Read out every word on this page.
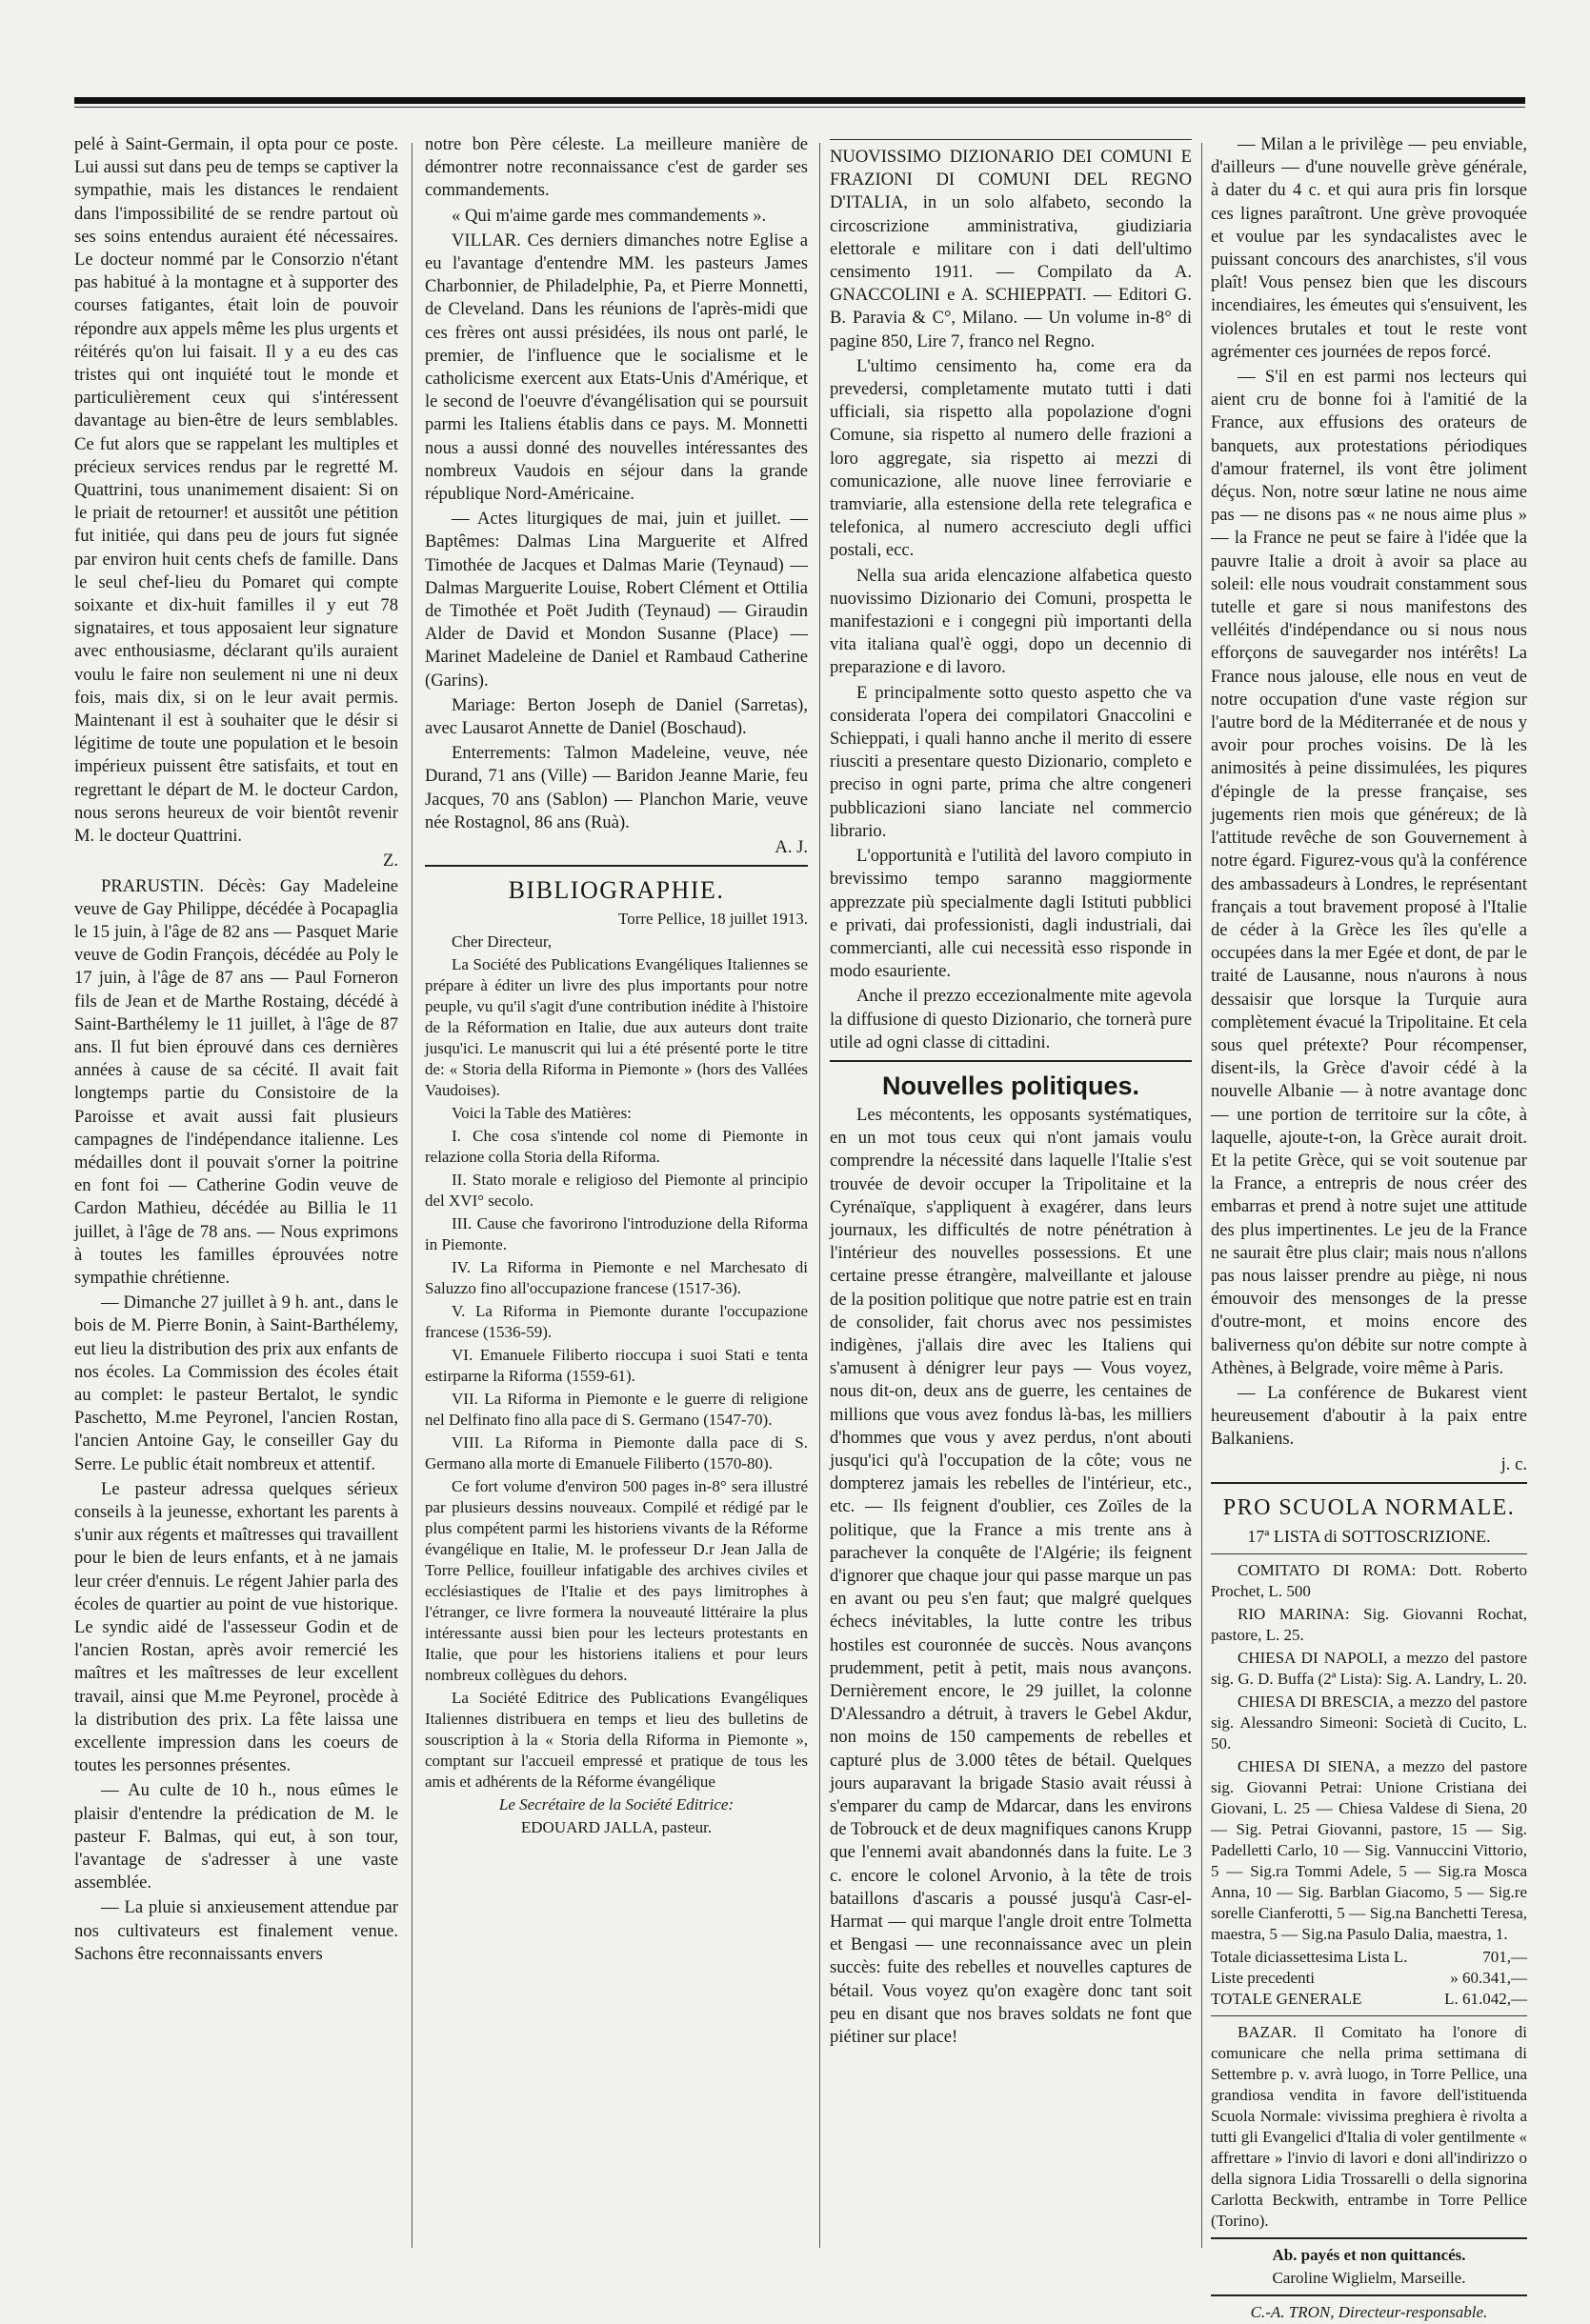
pelé à Saint-Germain, il opta pour ce poste. Lui aussi sut dans peu de temps se captiver la sympathie, mais les distances le rendaient dans l'impossibilité de se rendre partout où ses soins entendus auraient été nécessaires. Le docteur nommé par le Consorzio n'étant pas habitué à la montagne et à supporter des courses fatigantes, était loin de pouvoir répondre aux appels même les plus urgents et réitérés qu'on lui faisait. Il y a eu des cas tristes qui ont inquiété tout le monde et particulièrement ceux qui s'intéressent davantage au bien-être de leurs semblables. Ce fut alors que se rappelant les multiples et précieux services rendus par le regretté M. Quattrini, tous unanimement disaient: Si on le priait de retourner! et aussitôt une pétition fut initiée, qui dans peu de jours fut signée par environ huit cents chefs de famille. Dans le seul chef-lieu du Pomaret qui compte soixante et dix-huit familles il y eut 78 signataires, et tous apposaient leur signature avec enthousiasme, déclarant qu'ils auraient voulu le faire non seulement ni une ni deux fois, mais dix, si on le leur avait permis. Maintenant il est à souhaiter que le désir si légitime de toute une population et le besoin impérieux puissent être satisfaits, et tout en regrettant le départ de M. le docteur Cardon, nous serons heureux de voir bientôt revenir M. le docteur Quattrini.

Z.

PRARUSTIN. Décès: Gay Madeleine veuve de Gay Philippe, décédée à Pocapaglia le 15 juin, à l'âge de 82 ans — Pasquet Marie veuve de Godin François, décédée au Poly le 17 juin, à l'âge de 87 ans — Paul Forneron fils de Jean et de Marthe Rostaing, décédé à Saint-Barthélemy le 11 juillet, à l'âge de 87 ans. Il fut bien éprouvé dans ces dernières années à cause de sa cécité. Il avait fait longtemps partie du Consistoire de la Paroisse et avait aussi fait plusieurs campagnes de l'indépendance italienne. Les médailles dont il pouvait s'orner la poitrine en font foi — Catherine Godin veuve de Cardon Mathieu, décédée au Billia le 11 juillet, à l'âge de 78 ans. — Nous exprimons à toutes les familles éprouvées notre sympathie chrétienne.

— Dimanche 27 juillet à 9 h. ant., dans le bois de M. Pierre Bonin, à Saint-Barthélemy, eut lieu la distribution des prix aux enfants de nos écoles. La Commission des écoles était au complet: le pasteur Bertalot, le syndic Paschetto, M.me Peyronel, l'ancien Rostan, l'ancien Antoine Gay, le conseiller Gay du Serre. Le public était nombreux et attentif.

Le pasteur adressa quelques sérieux conseils à la jeunesse, exhortant les parents à s'unir aux régents et maîtresses qui travaillent pour le bien de leurs enfants, et à ne jamais leur créer d'ennuis. Le régent Jahier parla des écoles de quartier au point de vue historique. Le syndic aidé de l'assesseur Godin et de l'ancien Rostan, après avoir remercié les maîtres et les maîtresses de leur excellent travail, ainsi que M.me Peyronel, procède à la distribution des prix. La fête laissa une excellente impression dans les coeurs de toutes les personnes présentes.

— Au culte de 10 h., nous eûmes le plaisir d'entendre la prédication de M. le pasteur F. Balmas, qui eut, à son tour, l'avantage de s'adresser à une vaste assemblée.

— La pluie si anxieusement attendue par nos cultivateurs est finalement venue. Sachons être reconnaissants envers

notre bon Père céleste. La meilleure manière de démontrer notre reconnaissance c'est de garder ses commandements.

« Qui m'aime garde mes commandements ».

VILLAR. Ces derniers dimanches notre Eglise a eu l'avantage d'entendre MM. les pasteurs James Charbonnier, de Philadelphie, Pa, et Pierre Monnetti, de Cleveland. Dans les réunions de l'après-midi que ces frères ont aussi présidées, ils nous ont parlé, le premier, de l'influence que le socialisme et le catholicisme exercent aux Etats-Unis d'Amérique, et le second de l'oeuvre d'évangélisation qui se poursuit parmi les Italiens établis dans ce pays. M. Monnetti nous a aussi donné des nouvelles intéressantes des nombreux Vaudois en séjour dans la grande république Nord-Américaine.

— Actes liturgiques de mai, juin et juillet. — Baptêmes: Dalmas Lina Marguerite et Alfred Timothée de Jacques et Dalmas Marie (Teynaud) — Dalmas Marguerite Louise, Robert Clément et Ottilia de Timothée et Poët Judith (Teynaud) — Giraudin Alder de David et Mondon Susanne (Place) — Marinet Madeleine de Daniel et Rambaud Catherine (Garins).

Mariage: Berton Joseph de Daniel (Sarretas), avec Lausarot Annette de Daniel (Boschaud).

Enterrements: Talmon Madeleine, veuve, née Durand, 71 ans (Ville) — Baridon Jeanne Marie, feu Jacques, 70 ans (Sablon) — Planchon Marie, veuve née Rostagnol, 86 ans (Ruà).

A. J.

BIBLIOGRAPHIE.

Torre Pellice, 18 juillet 1913.

Cher Directeur,

La Société des Publications Evangéliques Italiennes se prépare à éditer un livre des plus importants pour notre peuple, vu qu'il s'agit d'une contribution inédite à l'histoire de la Réformation en Italie, due aux auteurs dont traite jusqu'ici. Le manuscrit qui lui a été présenté porte le titre de: « Storia della Riforma in Piemonte » (hors des Vallées Vaudoises).

Voici la Table des Matières:

I. Che cosa s'intende col nome di Piemonte in relazione colla Storia della Riforma.

II. Stato morale e religioso del Piemonte al principio del XVI° secolo.

III. Cause che favorirono l'introduzione della Riforma in Piemonte.

IV. La Riforma in Piemonte e nel Marchesato di Saluzzo fino all'occupazione francese (1517-36).

V. La Riforma in Piemonte durante l'occupazione francese (1536-59).

VI. Emanuele Filiberto rioccupa i suoi Stati e tenta estirparne la Riforma (1559-61).

VII. La Riforma in Piemonte e le guerre di religione nel Delfinato fino alla pace di S. Germano (1547-70).

VIII. La Riforma in Piemonte dalla pace di S. Germano alla morte di Emanuele Filiberto (1570-80).

Ce fort volume d'environ 500 pages in-8° sera illustré par plusieurs dessins nouveaux. Compilé et rédigé par le plus compétent parmi les historiens vivants de la Réforme évangélique en Italie, M. le professeur D.r Jean Jalla de Torre Pellice, fouilleur infatigable des archives civiles et ecclésiastiques de l'Italie et des pays limitrophes à l'étranger, ce livre formera la nouveauté littéraire la plus intéressante aussi bien pour les lecteurs protestants en Italie, que pour les historiens italiens et pour leurs nombreux collègues du dehors.

La Société Editrice des Publications Evangéliques Italiennes distribuera en temps et lieu des bulletins de souscription à la « Storia della Riforma in Piemonte », comptant sur l'accueil empressé et pratique de tous les amis et adhérents de la Réforme évangélique

Le Secrétaire de la Société Editrice:

EDOUARD JALLA, pasteur.

NUOVISSIMO DIZIONARIO DEI COMUNI E FRAZIONI DI COMUNI DEL REGNO D'ITALIA, in un solo alfabeto, secondo la circoscrizione amministrativa, giudiziaria elettorale e militare con i dati dell'ultimo censimento 1911. — Compilato da A. GNACCOLINI e A. SCHIEPPATI. — Editori G. B. Paravia & C°, Milano. — Un volume in-8° di pagine 850, Lire 7, franco nel Regno.

L'ultimo censimento ha, come era da prevedersi, completamente mutato tutti i dati ufficiali, sia rispetto alla popolazione d'ogni Comune, sia rispetto al numero delle frazioni a loro aggregate, sia rispetto ai mezzi di comunicazione, alle nuove linee ferroviarie e tramviarie, alla estensione della rete telegrafica e telefonica, al numero accresciuto degli uffici postali, ecc.

Nella sua arida elencazione alfabetica questo nuovissimo Dizionario dei Comuni, prospetta le manifestazioni e i congegni più importanti della vita italiana qual'è oggi, dopo un decennio di preparazione e di lavoro.

E principalmente sotto questo aspetto che va considerata l'opera dei compilatori Gnaccolini e Schieppati, i quali hanno anche il merito di essere riusciti a presentare questo Dizionario, completo e preciso in ogni parte, prima che altre congeneri pubblicazioni siano lanciate nel commercio librario.

L'opportunità e l'utilità del lavoro compiuto in brevissimo tempo saranno maggiormente apprezzate più specialmente dagli Istituti pubblici e privati, dai professionisti, dagli industriali, dai commercianti, alle cui necessità esso risponde in modo esauriente.

Anche il prezzo eccezionalmente mite agevola la diffusione di questo Dizionario, che tornerà pure utile ad ogni classe di cittadini.

Nouvelles politiques.

Les mécontents, les opposants systématiques, en un mot tous ceux qui n'ont jamais voulu comprendre la nécessité dans laquelle l'Italie s'est trouvée de devoir occuper la Tripolitaine et la Cyrénaïque, s'appliquent à exagérer, dans leurs journaux, les difficultés de notre pénétration à l'intérieur des nouvelles possessions. Et une certaine presse étrangère, malveillante et jalouse de la position politique que notre patrie est en train de consolider, fait chorus avec nos pessimistes indigènes, j'allais dire avec les Italiens qui s'amusent à dénigrer leur pays — Vous voyez, nous dit-on, deux ans de guerre, les centaines de millions que vous avez fondus là-bas, les milliers d'hommes que vous y avez perdus, n'ont abouti jusqu'ici qu'à l'occupation de la côte; vous ne dompterez jamais les rebelles de l'intérieur, etc., etc. — Ils feignent d'oublier, ces Zoïles de la politique, que la France a mis trente ans à parachever la conquête de l'Algérie; ils feignent d'ignorer que chaque jour qui passe marque un pas en avant ou peu s'en faut; que malgré quelques échecs inévitables, la lutte contre les tribus hostiles est couronnée de succès. Nous avançons prudemment, petit à petit, mais nous avançons. Dernièrement encore, le 29 juillet, la colonne D'Alessandro a détruit, à travers le Gebel Akdur, non moins de 150 campements de rebelles et capturé plus de 3.000 têtes de bétail. Quelques jours auparavant la brigade Stasio avait réussi à s'emparer du camp de Mdarcar, dans les environs de Tobrouck et de deux magnifiques canons Krupp que l'ennemi avait abandonnés dans la fuite. Le 3 c. encore le colonel Arvonio, à la tête de trois bataillons d'ascaris a poussé jusqu'à Casr-el-Harmat — qui marque l'angle droit entre Tolmetta et Bengasi — une reconnaissance avec un plein succès: fuite des rebelles et nouvelles captures de bétail. Vous voyez qu'on exagère donc tant soit peu en disant que nos braves soldats ne font que piétiner sur place!

— Milan a le privilège — peu enviable, d'ailleurs — d'une nouvelle grève générale, à dater du 4 c. et qui aura pris fin lorsque ces lignes paraîtront. Une grève provoquée et voulue par les syndacalistes avec le puissant concours des anarchistes, s'il vous plaît! Vous pensez bien que les discours incendiaires, les émeutes qui s'ensuivent, les violences brutales et tout le reste vont agrémenter ces journées de repos forcé.

— S'il en est parmi nos lecteurs qui aient cru de bonne foi à l'amitié de la France, aux effusions des orateurs de banquets, aux protestations périodiques d'amour fraternel, ils vont être joliment déçus. Non, notre sœur latine ne nous aime pas — ne disons pas « ne nous aime plus » — la France ne peut se faire à l'idée que la pauvre Italie a droit à avoir sa place au soleil: elle nous voudrait constamment sous tutelle et gare si nous manifestons des velléités d'indépendance ou si nous nous efforçons de sauvegarder nos intérêts! La France nous jalouse, elle nous en veut de notre occupation d'une vaste région sur l'autre bord de la Méditerranée et de nous y avoir pour proches voisins. De là les animosités à peine dissimulées, les piqures d'épingle de la presse française, ses jugements rien mois que généreux; de là l'attitude revêche de son Gouvernement à notre égard. Figurez-vous qu'à la conférence des ambassadeurs à Londres, le représentant français a tout bravement proposé à l'Italie de céder à la Grèce les îles qu'elle a occupées dans la mer Egée et dont, de par le traité de Lausanne, nous n'aurons à nous dessaisir que lorsque la Turquie aura complètement évacué la Tripolitaine. Et cela sous quel prétexte? Pour récompenser, disent-ils, la Grèce d'avoir cédé à la nouvelle Albanie — à notre avantage donc — une portion de territoire sur la côte, à laquelle, ajoute-t-on, la Grèce aurait droit. Et la petite Grèce, qui se voit soutenue par la France, a entrepris de nous créer des embarras et prend à notre sujet une attitude des plus impertinentes. Le jeu de la France ne saurait être plus clair; mais nous n'allons pas nous laisser prendre au piège, ni nous émouvoir des mensonges de la presse d'outre-mont, et moins encore des baliverness qu'on débite sur notre compte à Athènes, à Belgrade, voire même à Paris.

— La conférence de Bukarest vient heureusement d'aboutir à la paix entre Balkaniens.

j. c.

PRO SCUOLA NORMALE.
17ª LISTA di SOTTOSCRIZIONE.

COMITATO DI ROMA: Dott. Roberto Prochet, L. 500

RIO MARINA: Sig. Giovanni Rochat, pastore, L. 25.

CHIESA DI NAPOLI, a mezzo del pastore sig. G. D. Buffa (2ª Lista): Sig. A. Landry, L. 20.

CHIESA DI BRESCIA, a mezzo del pastore sig. Alessandro Simeoni: Società di Cucito, L. 50.

CHIESA DI SIENA, a mezzo del pastore sig. Giovanni Petrai: Unione Cristiana dei Giovani, L. 25 — Chiesa Valdese di Siena, 20 — Sig. Petrai Giovanni, pastore, 15 — Sig. Padelletti Carlo, 10 — Sig. Vannuccini Vittorio, 5 — Sig.ra Tommi Adele, 5 — Sig.ra Mosca Anna, 10 — Sig. Barblan Giacomo, 5 — Sig.re sorelle Cianferotti, 5 — Sig.na Banchetti Teresa, maestra, 5 — Sig.na Pasulo Dalia, maestra, 1.

Totale diciassettesima Lista L.	701,—
Liste precedenti	» 60.341,—
TOTALE GENERALE	L. 61.042,—

BAZAR. Il Comitato ha l'onore di comunicare che nella prima settimana di Settembre p. v. avrà luogo, in Torre Pellice, una grandiosa vendita in favore dell'istituenda Scuola Normale: vivissima preghiera è rivolta a tutti gli Evangelici d'Italia di voler gentilmente « affrettare » l'invio di lavori e doni all'indirizzo o della signora Lidia Trossarelli o della signorina Carlotta Beckwith, entrambe in Torre Pellice (Torino).

Ab. payés et non quittancés.

Caroline Wiglielm, Marseille.

C.-A. TRON, Directeur-responsable.
